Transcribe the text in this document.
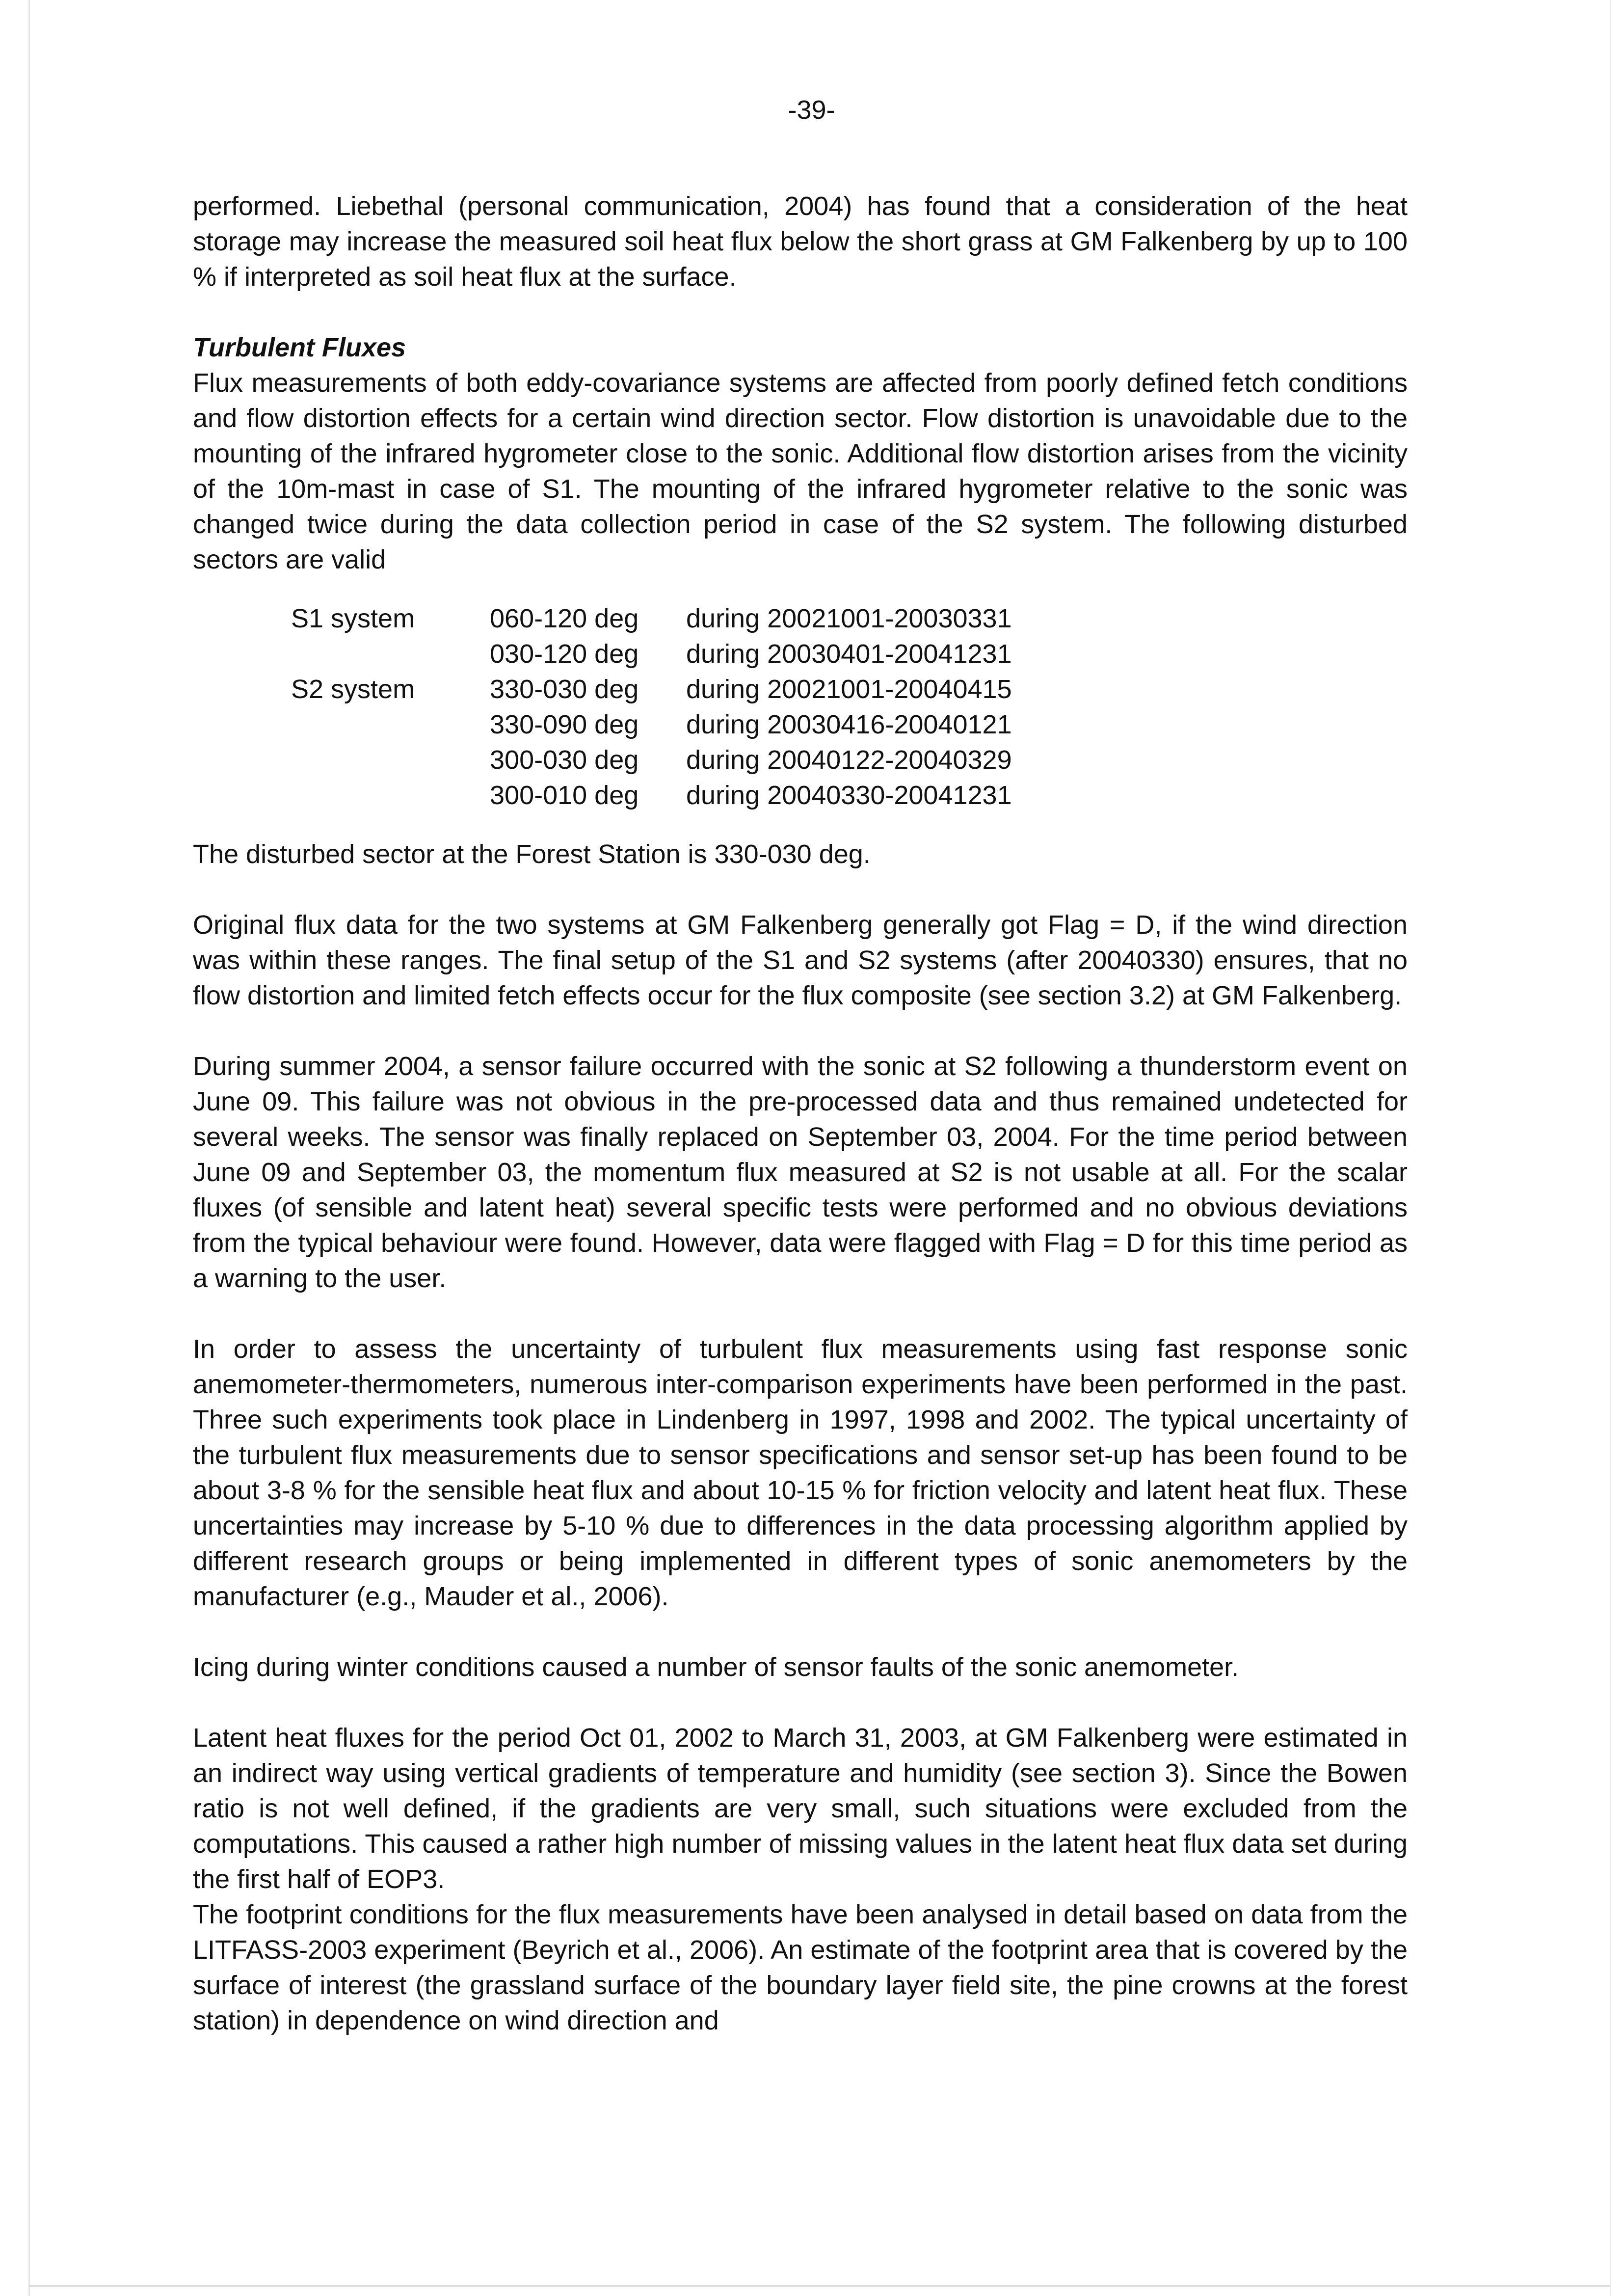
-39-

performed. Liebethal (personal communication, 2004) has found that a consideration of the heat storage may increase the measured soil heat flux below the short grass at GM Falkenberg by up to 100 % if interpreted as soil heat flux at the surface.

Turbulent Fluxes

Flux measurements of both eddy-covariance systems are affected from poorly defined fetch conditions and flow distortion effects for a certain wind direction sector. Flow distortion is unavoidable due to the mounting of the infrared hygrometer close to the sonic. Additional flow distortion arises from the vicinity of the 10m-mast in case of S1. The mounting of the infrared hygrometer relative to the sonic was changed twice during the data collection period in case of the S2 system. The following disturbed sectors are valid

S1 system	060-120 deg	during 20021001-20030331
	030-120 deg	during 20030401-20041231
S2 system	330-030 deg	during 20021001-20040415
	330-090 deg	during 20030416-20040121
	300-030 deg	during 20040122-20040329
	300-010 deg	during 20040330-20041231

The disturbed sector at the Forest Station is 330-030 deg.

Original flux data for the two systems at GM Falkenberg generally got Flag = D, if the wind direction was within these ranges. The final setup of the S1 and S2 systems (after 20040330) ensures, that no flow distortion and limited fetch effects occur for the flux composite (see section 3.2) at GM Falkenberg.

During summer 2004, a sensor failure occurred with the sonic at S2 following a thunderstorm event on June 09. This failure was not obvious in the pre-processed data and thus remained undetected for several weeks. The sensor was finally replaced on September 03, 2004. For the time period between June 09 and September 03, the momentum flux measured at S2 is not usable at all. For the scalar fluxes (of sensible and latent heat) several specific tests were performed and no obvious deviations from the typical behaviour were found. However, data were flagged with Flag = D for this time period as a warning to the user.

In order to assess the uncertainty of turbulent flux measurements using fast response sonic anemometer-thermometers, numerous inter-comparison experiments have been performed in the past. Three such experiments took place in Lindenberg in 1997, 1998 and 2002. The typical uncertainty of the turbulent flux measurements due to sensor specifications and sensor set-up has been found to be about 3-8 % for the sensible heat flux and about 10-15 % for friction velocity and latent heat flux. These uncertainties may increase by 5-10 % due to differences in the data processing algorithm applied by different research groups or being implemented in different types of sonic anemometers by the manufacturer (e.g., Mauder et al., 2006).

Icing during winter conditions caused a number of sensor faults of the sonic anemometer.

Latent heat fluxes for the period Oct 01, 2002 to March 31, 2003, at GM Falkenberg were estimated in an indirect way using vertical gradients of temperature and humidity (see section 3). Since the Bowen ratio is not well defined, if the gradients are very small, such situations were excluded from the computations. This caused a rather high number of missing values in the latent heat flux data set during the first half of EOP3.

The footprint conditions for the flux measurements have been analysed in detail based on data from the LITFASS-2003 experiment (Beyrich et al., 2006). An estimate of the footprint area that is covered by the surface of interest (the grassland surface of the boundary layer field site, the pine crowns at the forest station) in dependence on wind direction and
